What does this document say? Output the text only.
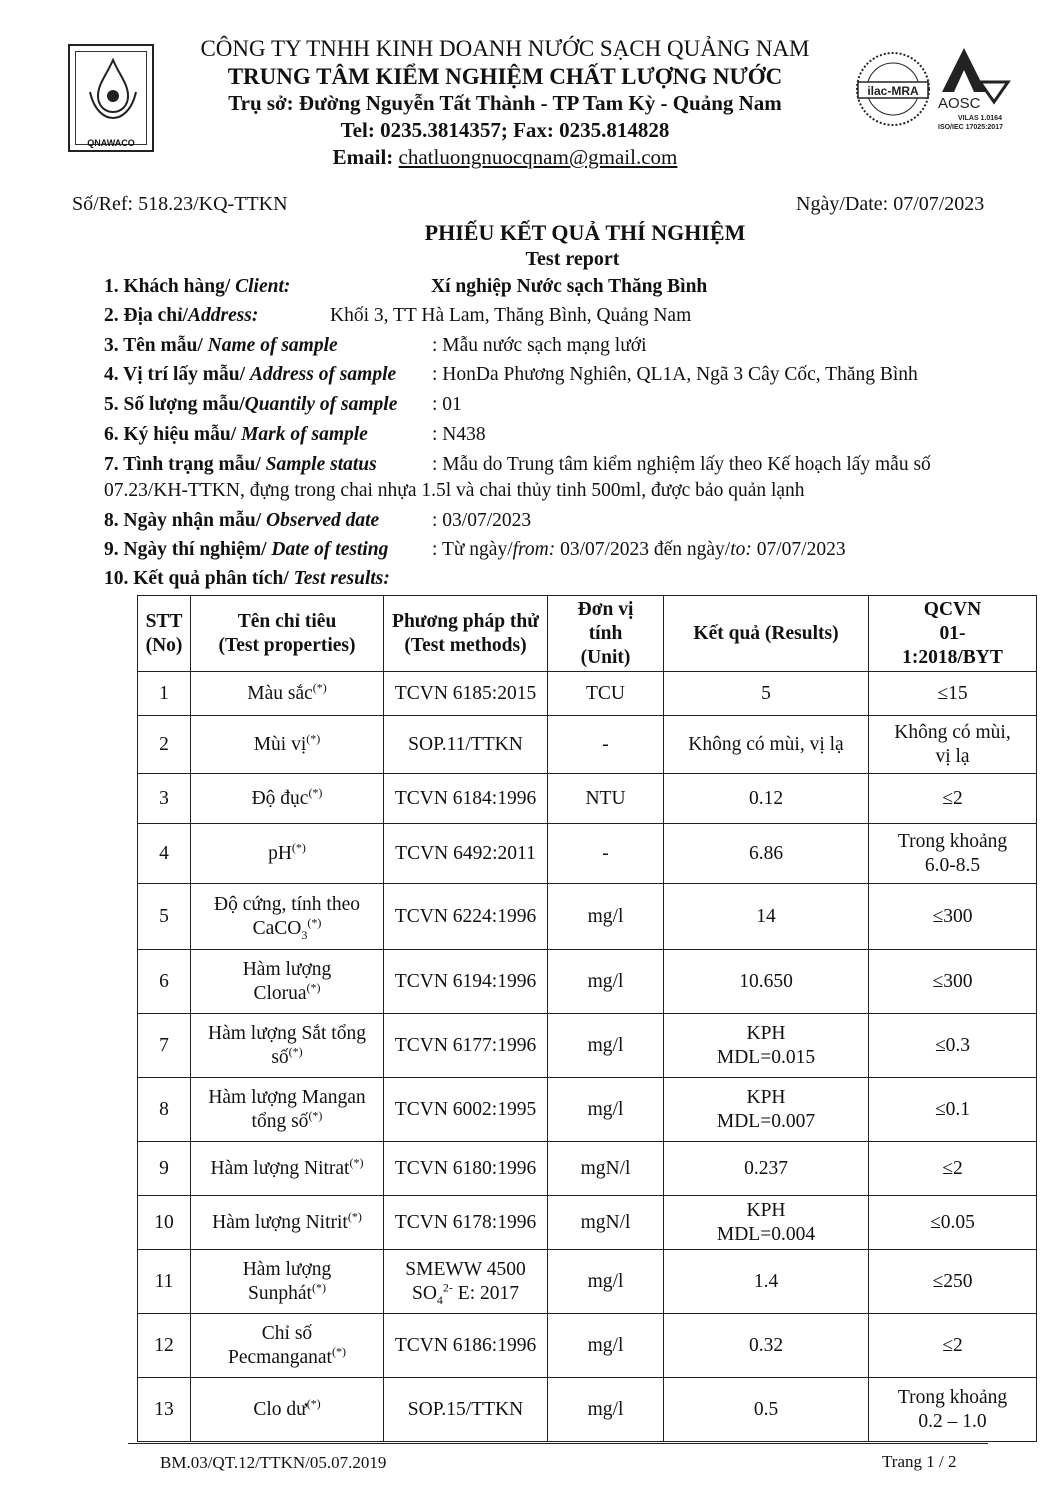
QNAWACO
CÔNG TY TNHH KINH DOANH NƯỚC SẠCH QUẢNG NAM
TRUNG TÂM KIỂM NGHIỆM CHẤT LƯỢNG NƯỚC
Trụ sở: Đường Nguyễn Tất Thành - TP Tam Kỳ - Quảng Nam
Tel: 0235.3814357; Fax: 0235.814828
Email: chatluongnuocqnam@gmail.com
ilac-MRA
AOSC
VILAS 1.0164
ISO/IEC 17025:2017
Số/Ref: 518.23/KQ-TTKN	Ngày/Date: 07/07/2023
PHIẾU KẾT QUẢ THÍ NGHIỆM
Test report
1. Khách hàng/ Client:	Xí nghiệp Nước sạch Thăng Bình
2. Địa chỉ/Address:	Khối 3, TT Hà Lam, Thăng Bình, Quảng Nam
3. Tên mẫu/ Name of sample	: Mẫu nước sạch mạng lưới
4. Vị trí lấy mẫu/ Address of sample : HonDa Phương Nghiên, QL1A, Ngã 3 Cây Cốc, Thăng Bình
5. Số lượng mẫu/Quantily of sample : 01
6. Ký hiệu mẫu/ Mark of sample	: N438
7. Tình trạng mẫu/ Sample status	: Mẫu do Trung tâm kiểm nghiệm lấy theo Kế hoạch lấy mẫu số
07.23/KH-TTKN, đựng trong chai nhựa 1.5l và chai thủy tinh 500ml, được bảo quản lạnh
8. Ngày nhận mẫu/ Observed date	: 03/07/2023
9. Ngày thí nghiệm/ Date of testing : Từ ngày/from: 03/07/2023 đến ngày/to: 07/07/2023
10. Kết quả phân tích/ Test results:
STT
(No)	Tên chỉ tiêu
(Test properties)	Phương pháp thử
(Test methods)	Đơn vị
tính
(Unit)	Kết quả (Results)	QCVN
01-
1:2018/BYT
1	Màu sắc(*)	TCVN 6185:2015	TCU	5	≤15
2	Mùi vị(*)	SOP.11/TTKN	-	Không có mùi, vị lạ	Không có mùi,
vị lạ
3	Độ đục(*)	TCVN 6184:1996	NTU	0.12	≤2
4	pH(*)	TCVN 6492:2011	-	6.86	Trong khoảng
6.0-8.5
5	Độ cứng, tính theo
CaCO$_3$(*)	TCVN 6224:1996	mg/l	14	≤300
6	Hàm lượng
Clorua(*)	TCVN 6194:1996	mg/l	10.650	≤300
7	Hàm lượng Sắt tổng
số(*)	TCVN 6177:1996	mg/l	KPH
MDL=0.015	≤0.3
8	Hàm lượng Mangan
tổng số(*)	TCVN 6002:1995	mg/l	KPH
MDL=0.007	≤0.1
9	Hàm lượng Nitrat(*)	TCVN 6180:1996	mgN/l	0.237	≤2
10	Hàm lượng Nitrit(*)	TCVN 6178:1996	mgN/l	KPH
MDL=0.004	≤0.05
11	Hàm lượng
Sunphát(*)	SMEWW 4500
$SO_4^{2-}$ E: 2017	mg/l	1.4	≤250
12	Chỉ số
Pecmanganat(*)	TCVN 6186:1996	mg/l	0.32	≤2
13	Clo dư(*)	SOP.15/TTKN	mg/l	0.5	Trong khoảng
0.2 – 1.0
BM.03/QT.12/TTKN/05.07.2019	Trang 1 / 2
